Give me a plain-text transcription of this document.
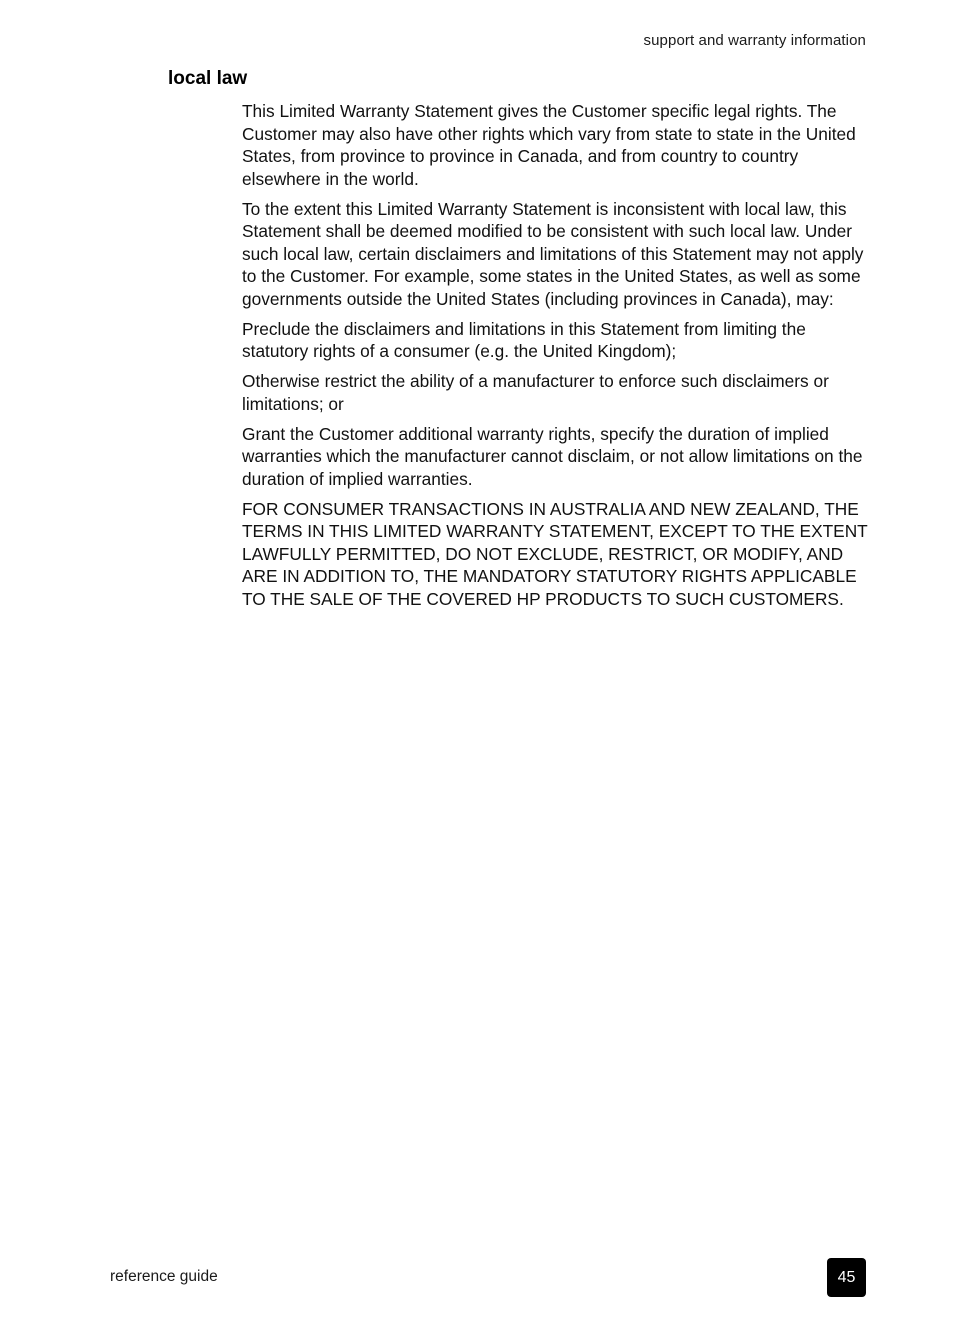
support and warranty information
local law

This Limited Warranty Statement gives the Customer specific legal rights. The Customer may also have other rights which vary from state to state in the United States, from province to province in Canada, and from country to country elsewhere in the world.

To the extent this Limited Warranty Statement is inconsistent with local law, this Statement shall be deemed modified to be consistent with such local law. Under such local law, certain disclaimers and limitations of this Statement may not apply to the Customer. For example, some states in the United States, as well as some governments outside the United States (including provinces in Canada), may:

Preclude the disclaimers and limitations in this Statement from limiting the statutory rights of a consumer (e.g. the United Kingdom);

Otherwise restrict the ability of a manufacturer to enforce such disclaimers or limitations; or

Grant the Customer additional warranty rights, specify the duration of implied warranties which the manufacturer cannot disclaim, or not allow limitations on the duration of implied warranties.

FOR CONSUMER TRANSACTIONS IN AUSTRALIA AND NEW ZEALAND, THE TERMS IN THIS LIMITED WARRANTY STATEMENT, EXCEPT TO THE EXTENT LAWFULLY PERMITTED, DO NOT EXCLUDE, RESTRICT, OR MODIFY, AND ARE IN ADDITION TO, THE MANDATORY STATUTORY RIGHTS APPLICABLE TO THE SALE OF THE COVERED HP PRODUCTS TO SUCH CUSTOMERS.

reference guide	45
